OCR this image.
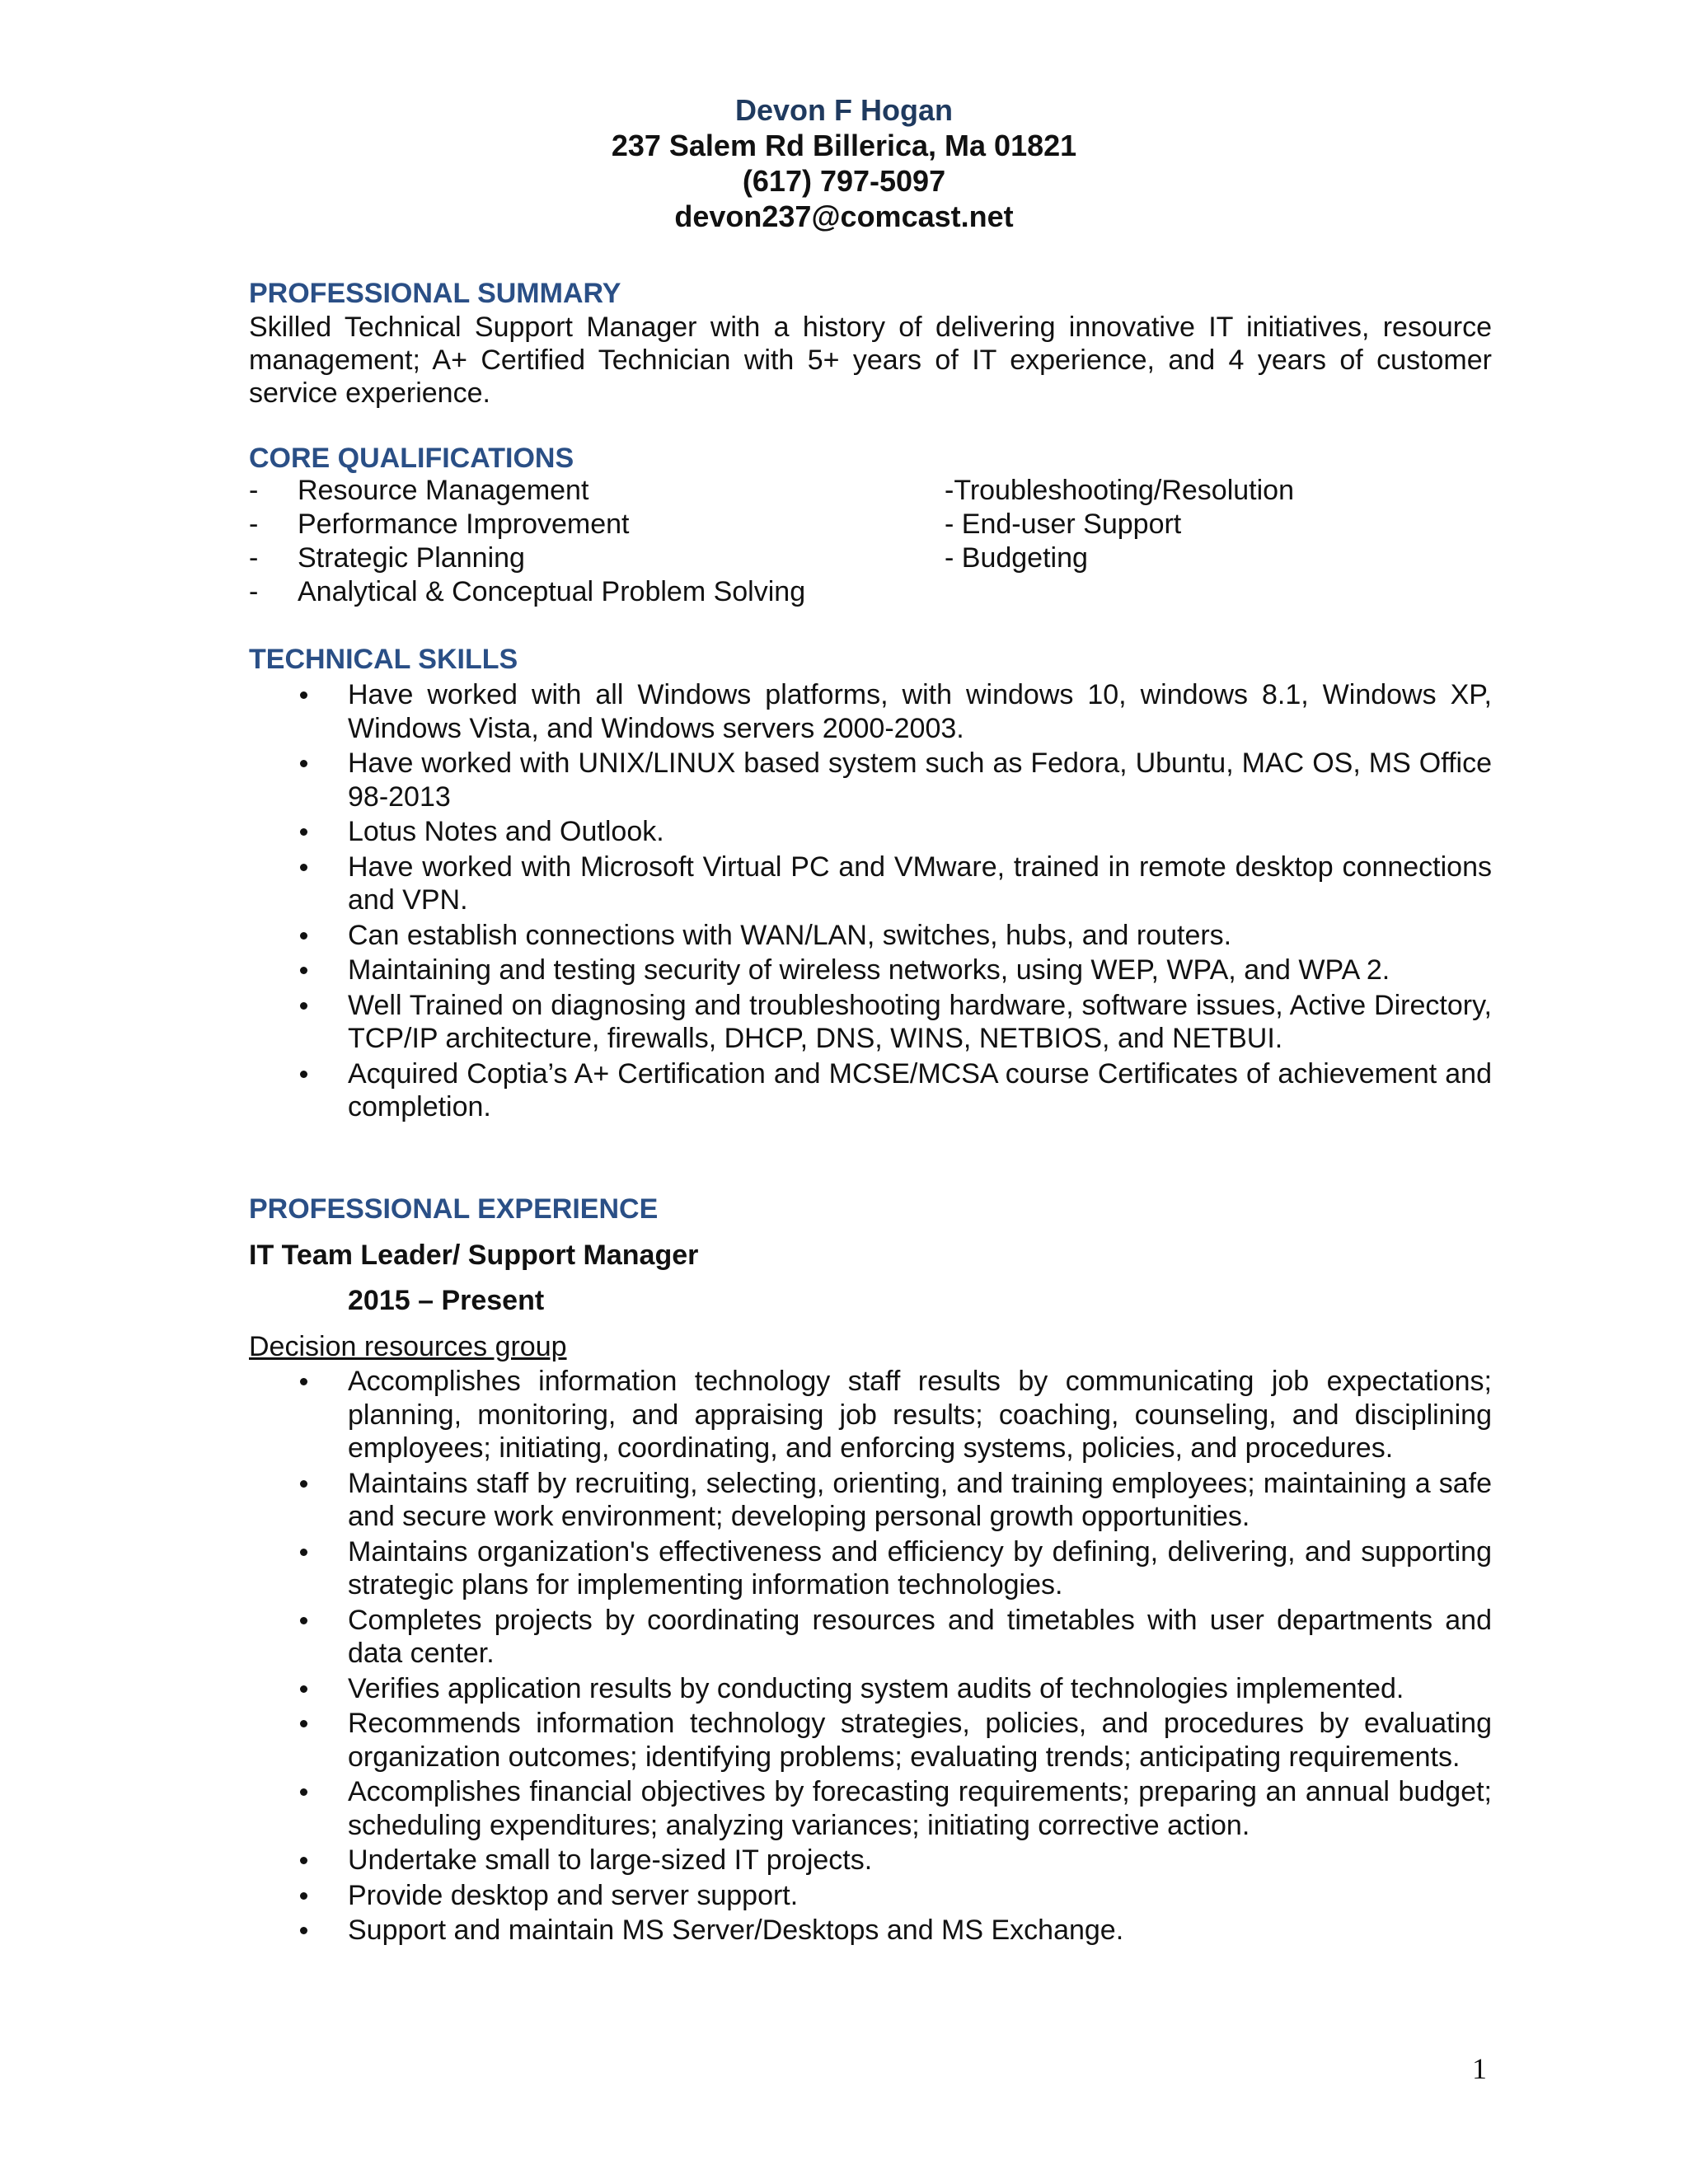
Devon F Hogan
237 Salem Rd Billerica, Ma 01821
(617) 797-5097
devon237@comcast.net
PROFESSIONAL SUMMARY

Skilled Technical Support Manager with a history of delivering innovative IT initiatives, resource management; A+ Certified Technician with 5+ years of IT experience, and 4 years of customer service experience.

CORE QUALIFICATIONS
- Resource Management
- Performance Improvement
- Strategic Planning
- Analytical & Conceptual Problem Solving
-Troubleshooting/Resolution
- End-user Support
- Budgeting
TECHNICAL SKILLS
Have worked with all Windows platforms, with windows 10, windows 8.1, Windows XP, Windows Vista, and Windows servers 2000-2003.
Have worked with UNIX/LINUX based system such as Fedora, Ubuntu, MAC OS, MS Office 98-2013
Lotus Notes and Outlook.
Have worked with Microsoft Virtual PC and VMware, trained in remote desktop connections and VPN.
Can establish connections with WAN/LAN, switches, hubs, and routers.
Maintaining and testing security of wireless networks, using WEP, WPA, and WPA 2.
Well Trained on diagnosing and troubleshooting hardware, software issues, Active Directory, TCP/IP architecture, firewalls, DHCP, DNS, WINS, NETBIOS, and NETBUI.
Acquired Coptia’s A+ Certification and MCSE/MCSA course Certificates of achievement and completion.
PROFESSIONAL EXPERIENCE
IT Team Leader/ Support Manager
2015 – Present
Decision resources group
Accomplishes information technology staff results by communicating job expectations; planning, monitoring, and appraising job results; coaching, counseling, and disciplining employees; initiating, coordinating, and enforcing systems, policies, and procedures.
Maintains staff by recruiting, selecting, orienting, and training employees; maintaining a safe and secure work environment; developing personal growth opportunities.
Maintains organization's effectiveness and efficiency by defining, delivering, and supporting strategic plans for implementing information technologies.
Completes projects by coordinating resources and timetables with user departments and data center.
Verifies application results by conducting system audits of technologies implemented.
Recommends information technology strategies, policies, and procedures by evaluating organization outcomes; identifying problems; evaluating trends; anticipating requirements.
Accomplishes financial objectives by forecasting requirements; preparing an annual budget; scheduling expenditures; analyzing variances; initiating corrective action.
Undertake small to large-sized IT projects.
Provide desktop and server support.
Support and maintain MS Server/Desktops and MS Exchange.
1
